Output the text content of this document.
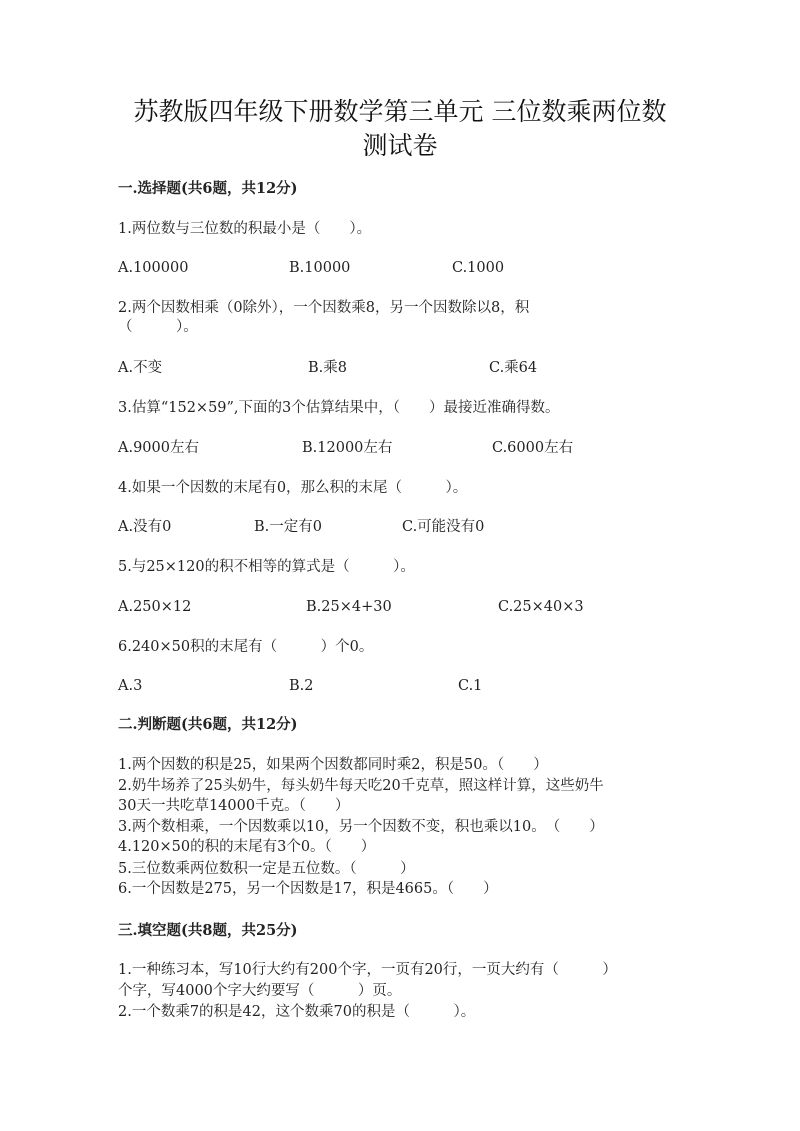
苏教版四年级下册数学第三单元 三位数乘两位数
测试卷
一.选择题(共6题，共12分)
1.两位数与三位数的积最小是（　　）。
A.100000	B.10000	C.1000
2.两个因数相乘（0除外），一个因数乘8，另一个因数除以8，积
（　　　）。
A.不变	B.乘8	C.乘64
3.估算“152×59”,下面的3个估算结果中，（　　）最接近准确得数。
A.9000左右	B.12000左右	C.6000左右
4.如果一个因数的末尾有0，那么积的末尾（　　　）。
A.没有0	B.一定有0	C.可能没有0
5.与25×120的积不相等的算式是（　　　）。
A.250×12	B.25×4+30	C.25×40×3
6.240×50积的末尾有（　　　）个0。
A.3	B.2	C.1
二.判断题(共6题，共12分)
1.两个因数的积是25，如果两个因数都同时乘2，积是50。（　　）
2.奶牛场养了25头奶牛，每头奶牛每天吃20千克草，照这样计算，这些奶牛
30天一共吃草14000千克。（　　）
3.两个数相乘，一个因数乘以10，另一个因数不变，积也乘以10。　（　　）
4.120×50的积的末尾有3个0。（　　）
5.三位数乘两位数积一定是五位数。（　　　）
6.一个因数是275，另一个因数是17，积是4665。（　　）
三.填空题(共8题，共25分)
1.一种练习本，写10行大约有200个字，一页有20行，一页大约有（　　　）
个字，写4000个字大约要写（　　　）页。
2.一个数乘7的积是42，这个数乘70的积是（　　　）。
